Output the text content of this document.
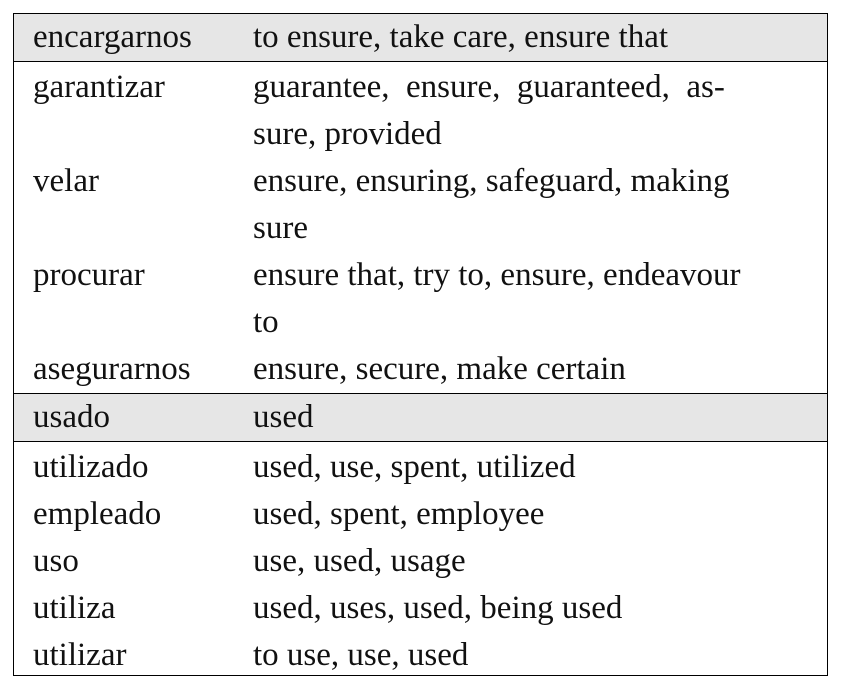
encargarnos	to ensure, take care, ensure that
garantizar	guarantee,  ensure,  guaranteed,  as-
sure, provided
velar	ensure, ensuring, safeguard, making
sure
procurar	ensure that, try to, ensure, endeavour
to
asegurarnos	ensure, secure, make certain
usado	used
utilizado	used, use, spent, utilized
empleado	used, spent, employee
uso	use, used, usage
utiliza	used, uses, used, being used
utilizar	to use, use, used
